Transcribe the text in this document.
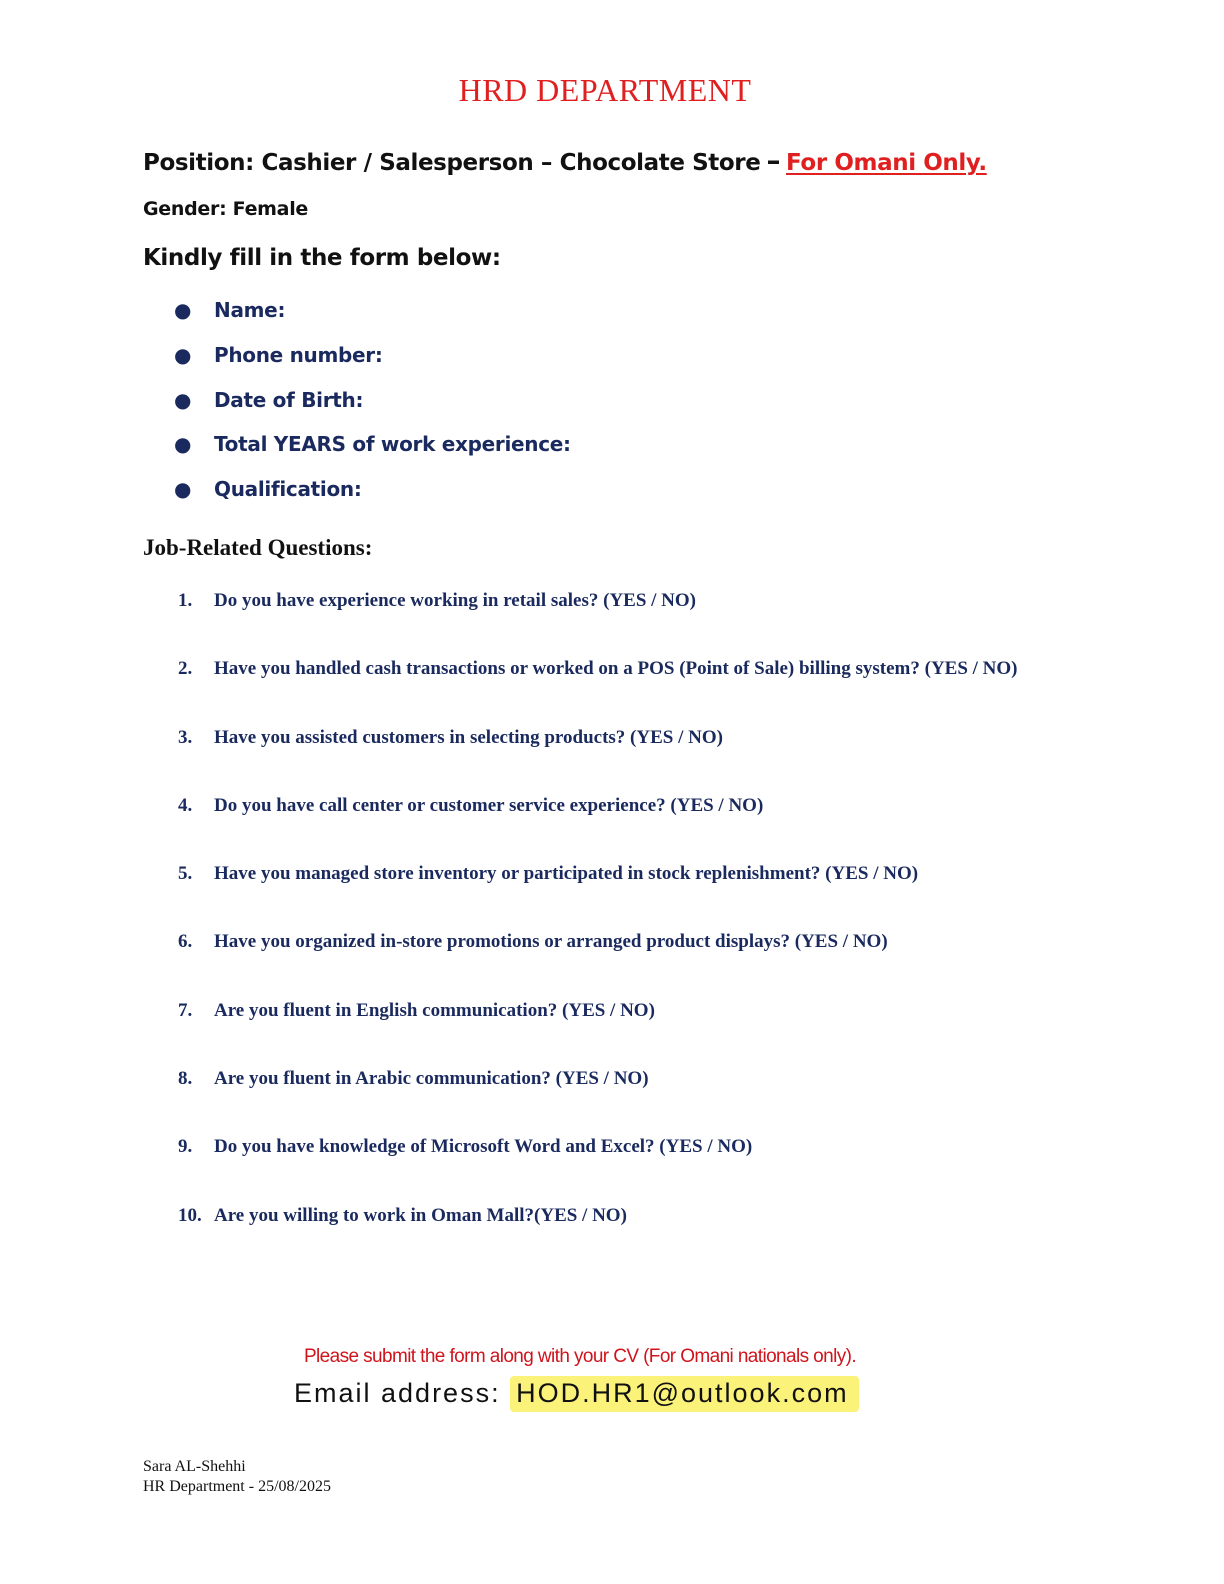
HRD DEPARTMENT
Position: Cashier / Salesperson – Chocolate Store – For Omani Only.
Gender: Female
Kindly fill in the form below:
●	Name:
●	Phone number:
●	Date of Birth:
●	Total YEARS of work experience:
●	Qualification:
Job-Related Questions:
1.	Do you have experience working in retail sales? (YES / NO)
2.	Have you handled cash transactions or worked on a POS (Point of Sale) billing system? (YES / NO)
3.	Have you assisted customers in selecting products? (YES / NO)
4.	Do you have call center or customer service experience? (YES / NO)
5.	Have you managed store inventory or participated in stock replenishment? (YES / NO)
6.	Have you organized in-store promotions or arranged product displays? (YES / NO)
7.	Are you fluent in English communication? (YES / NO)
8.	Are you fluent in Arabic communication? (YES / NO)
9.	Do you have knowledge of Microsoft Word and Excel? (YES / NO)
10. Are you willing to work in Oman Mall?(YES / NO)
Please submit the form along with your CV (For Omani nationals only).
Email address: HOD.HR1@outlook.com
Sara AL-Shehhi
HR Department - 25/08/2025
